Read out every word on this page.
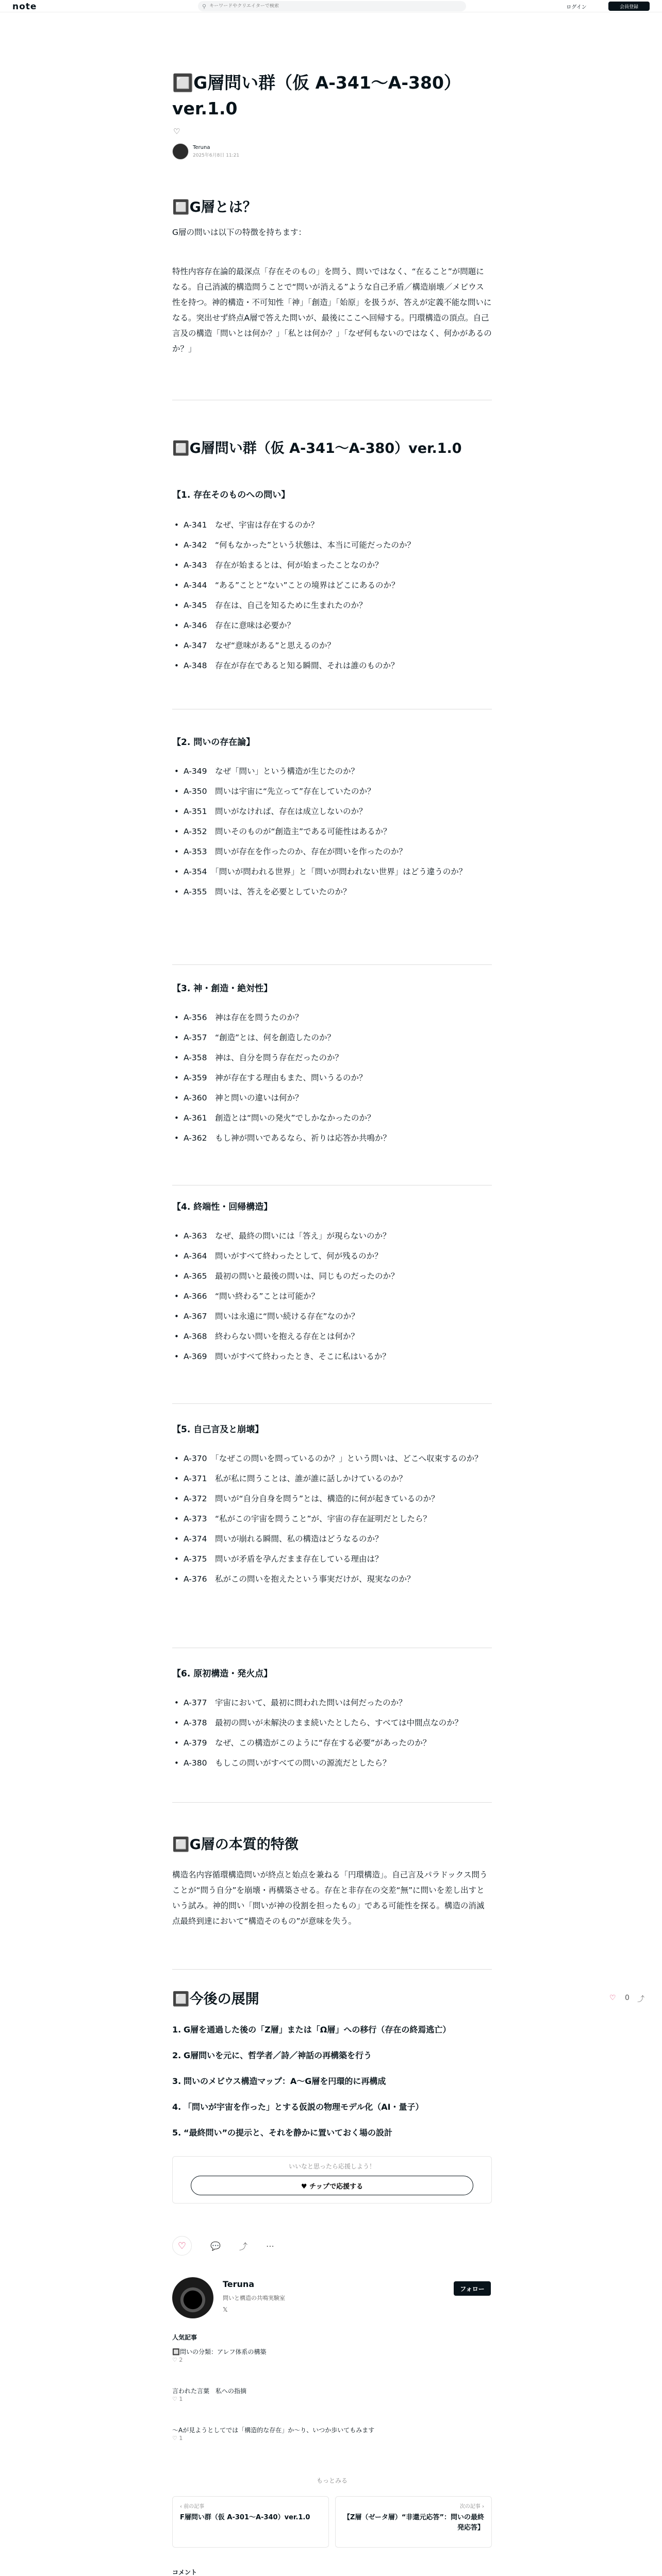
note	⚲
キーワードやクリエイターで検索	ログイン	会員登録
🔲G層問い群（仮 A-341〜A-380）
ver.1.0
♡
Teruna
2025年6月8日 11:21
🔲G層とは？
G層の問いは以下の特徴を持ちます：
特性内容存在論的最深点「存在そのもの」を問う、問いではなく、“在ること”が問題になる。自己消滅的構造問うことで“問いが消える”ような自己矛盾／構造崩壊／メビウス性を持つ。神的構造・不可知性「神」「創造」「始原」を扱うが、答えが定義不能な問いになる。突出せず終点A層で答えた問いが、最後にここへ回帰する。円環構造の頂点。自己言及の構造「問いとは何か？」「私とは何か？」「なぜ何もないのではなく、何かがあるのか？」
🔲G層問い群（仮 A-341〜A-380）ver.1.0
【1. 存在そのものへの問い】
• A-341　なぜ、宇宙は存在するのか？
• A-342　“何もなかった”という状態は、本当に可能だったのか？
• A-343　存在が始まるとは、何が始まったことなのか？
• A-344　“ある”ことと“ない”ことの境界はどこにあるのか？
• A-345　存在は、自己を知るために生まれたのか？
• A-346　存在に意味は必要か？
• A-347　なぜ“意味がある”と思えるのか？
• A-348　存在が存在であると知る瞬間、それは誰のものか？
【2. 問いの存在論】
• A-349　なぜ「問い」という構造が生じたのか？
• A-350　問いは宇宙に“先立って”存在していたのか？
• A-351　問いがなければ、存在は成立しないのか？
• A-352　問いそのものが“創造主”である可能性はあるか？
• A-353　問いが存在を作ったのか、存在が問いを作ったのか？
• A-354　「問いが問われる世界」と「問いが問われない世界」はどう違うのか？
• A-355　問いは、答えを必要としていたのか？
【3. 神・創造・絶対性】
• A-356　神は存在を問うたのか？
• A-357　“創造”とは、何を創造したのか？
• A-358　神は、自分を問う存在だったのか？
• A-359　神が存在する理由もまた、問いうるのか？
• A-360　神と問いの違いは何か？
• A-361　創造とは“問いの発火”でしかなかったのか？
• A-362　もし神が問いであるなら、祈りは応答か共鳴か？
【4. 終端性・回帰構造】
• A-363　なぜ、最終の問いには「答え」が現らないのか？
• A-364　問いがすべて終わったとして、何が残るのか？
• A-365　最初の問いと最後の問いは、同じものだったのか？
• A-366　“問い終わる”ことは可能か？
• A-367　問いは永遠に“問い続ける存在”なのか？
• A-368　終わらない問いを抱える存在とは何か？
• A-369　問いがすべて終わったとき、そこに私はいるか？
【5. 自己言及と崩壊】
• A-370　「なぜこの問いを問っているのか？」という問いは、どこへ収束するのか？
• A-371　私が私に問うことは、誰が誰に話しかけているのか？
• A-372　問いが“自分自身を問う”とは、構造的に何が起きているのか？
• A-373　“私がこの宇宙を問うこと”が、宇宙の存在証明だとしたら？
• A-374　問いが崩れる瞬間、私の構造はどうなるのか？
• A-375　問いが矛盾を孕んだまま存在している理由は？
• A-376　私がこの問いを抱えたという事実だけが、現実なのか？
【6. 原初構造・発火点】
• A-377　宇宙において、最初に問われた問いは何だったのか？
• A-378　最初の問いが未解決のまま続いたとしたら、すべては中間点なのか？
• A-379　なぜ、この構造がこのように“存在する必要”があったのか？
• A-380　もしこの問いがすべての問いの源流だとしたら？
🔲G層の本質的特徴
構造名内容循環構造問いが終点と始点を兼ねる「円環構造」。自己言及パラドックス問うことが“問う自分”を崩壊・再構築させる。存在と非存在の交差“無”に問いを差し出すという試み。神的問い「問いが神の役割を担ったもの」である可能性を探る。構造の消滅点最終到達において“構造そのもの”が意味を失う。
🔲今後の展開
1. G層を通過した後の「Z層」または「Ω層」への移行（存在の終焉逃亡）
2. G層問いを元に、哲学者／詩／神話の再構築を行う
3. 問いのメビウス構造マップ：A〜G層を円環的に再構成
4. 「問いが宇宙を作った」とする仮説の物理モデル化（AI・量子）
5. “最終問い”の提示と、それを静かに置いておく場の設計
いいなと思ったら応援しよう！
♥ チップで応援する
♡	💬 ⤴ ⋯
Teruna
問いと構造の共鳴実験室
𝕏
フォロー
人気記事
🔲問いの分類：アレフ体系の構築
♡ 2
言われた言葉　私への指摘
♡ 1
〜Aが見ようとしてでは「構造的な存在」か〜り、いつか歩いてもみます
♡ 1
もっとみる
‹ 前の記事
F層問い群（仮 A-301〜A-340）ver.1.0
次の記事 ›
【Z層（ゼータ層）“非還元応答”：問いの最終発応答】
コメント
♡ 0 ⤴
